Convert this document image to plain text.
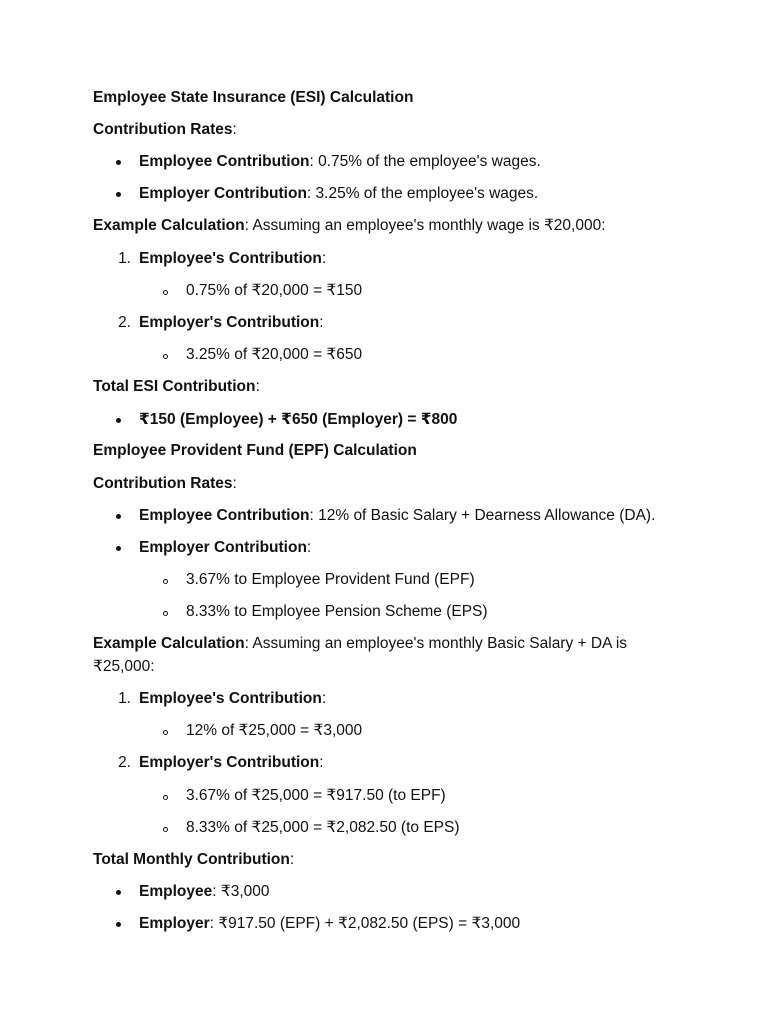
Employee State Insurance (ESI) Calculation
Contribution Rates:
Employee Contribution: 0.75% of the employee's wages.
Employer Contribution: 3.25% of the employee's wages.
Example Calculation: Assuming an employee's monthly wage is ₹20,000:
1. Employee's Contribution:
0.75% of ₹20,000 = ₹150
2. Employer's Contribution:
3.25% of ₹20,000 = ₹650
Total ESI Contribution:
₹150 (Employee) + ₹650 (Employer) = ₹800
Employee Provident Fund (EPF) Calculation
Contribution Rates:
Employee Contribution: 12% of Basic Salary + Dearness Allowance (DA).
Employer Contribution:
3.67% to Employee Provident Fund (EPF)
8.33% to Employee Pension Scheme (EPS)
Example Calculation: Assuming an employee's monthly Basic Salary + DA is
₹25,000:
1. Employee's Contribution:
12% of ₹25,000 = ₹3,000
2. Employer's Contribution:
3.67% of ₹25,000 = ₹917.50 (to EPF)
8.33% of ₹25,000 = ₹2,082.50 (to EPS)
Total Monthly Contribution:
Employee: ₹3,000
Employer: ₹917.50 (EPF) + ₹2,082.50 (EPS) = ₹3,000
